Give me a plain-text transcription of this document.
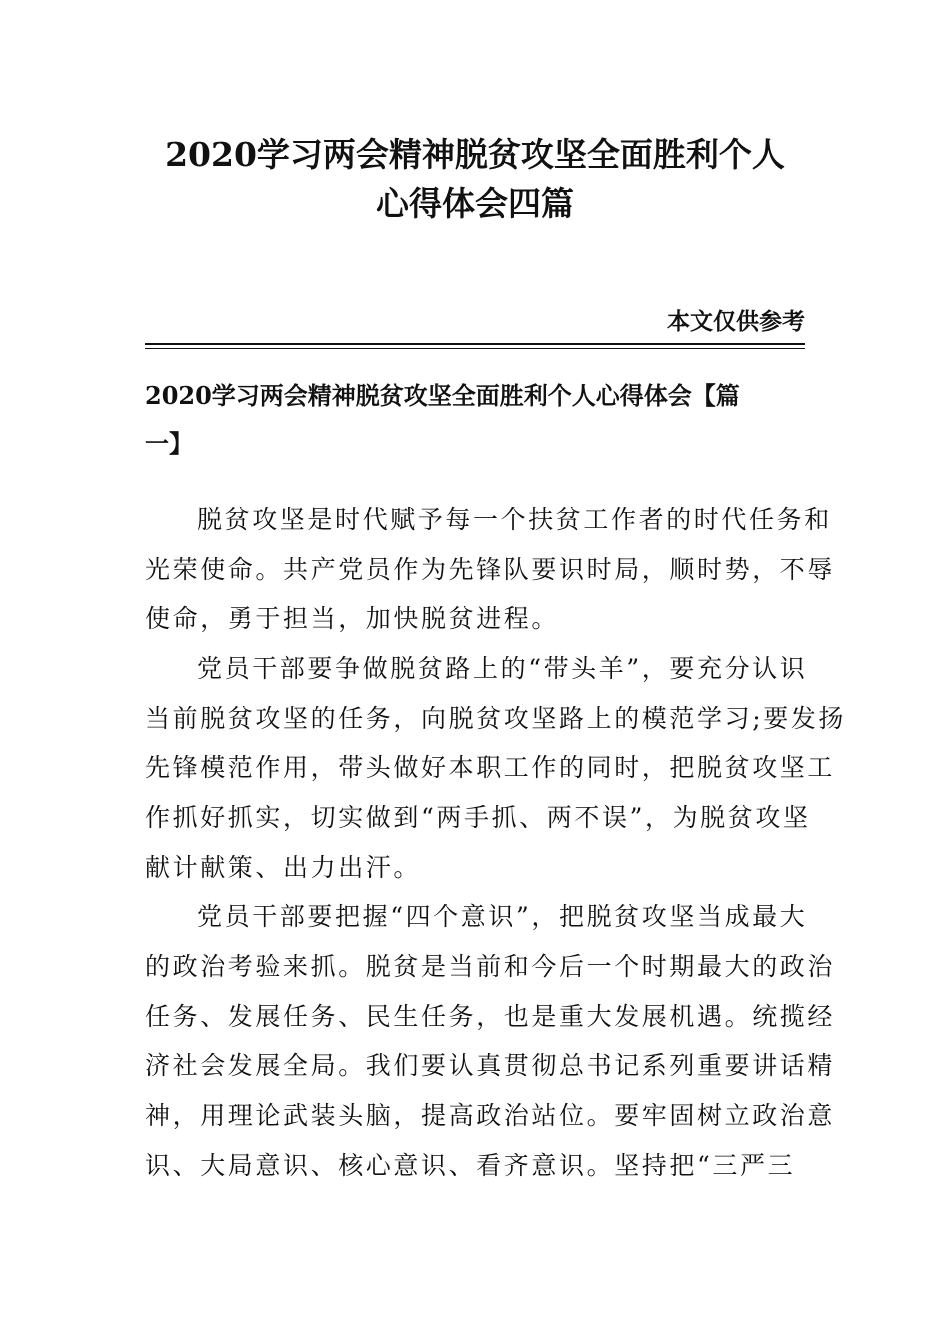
2020学习两会精神脱贫攻坚全面胜利个人
心得体会四篇
本文仅供参考
2020学习两会精神脱贫攻坚全面胜利个人心得体会【篇
一】
脱贫攻坚是时代赋予每一个扶贫工作者的时代任务和
光荣使命。共产党员作为先锋队要识时局，顺时势，不辱
使命，勇于担当，加快脱贫进程。
党员干部要争做脱贫路上的“带头羊”，要充分认识
当前脱贫攻坚的任务，向脱贫攻坚路上的模范学习;要发扬
先锋模范作用，带头做好本职工作的同时，把脱贫攻坚工
作抓好抓实，切实做到“两手抓、两不误”，为脱贫攻坚
献计献策、出力出汗。
党员干部要把握“四个意识”，把脱贫攻坚当成最大
的政治考验来抓。脱贫是当前和今后一个时期最大的政治
任务、发展任务、民生任务，也是重大发展机遇。统揽经
济社会发展全局。我们要认真贯彻总书记系列重要讲话精
神，用理论武装头脑，提高政治站位。要牢固树立政治意
识、大局意识、核心意识、看齐意识。坚持把“三严三
